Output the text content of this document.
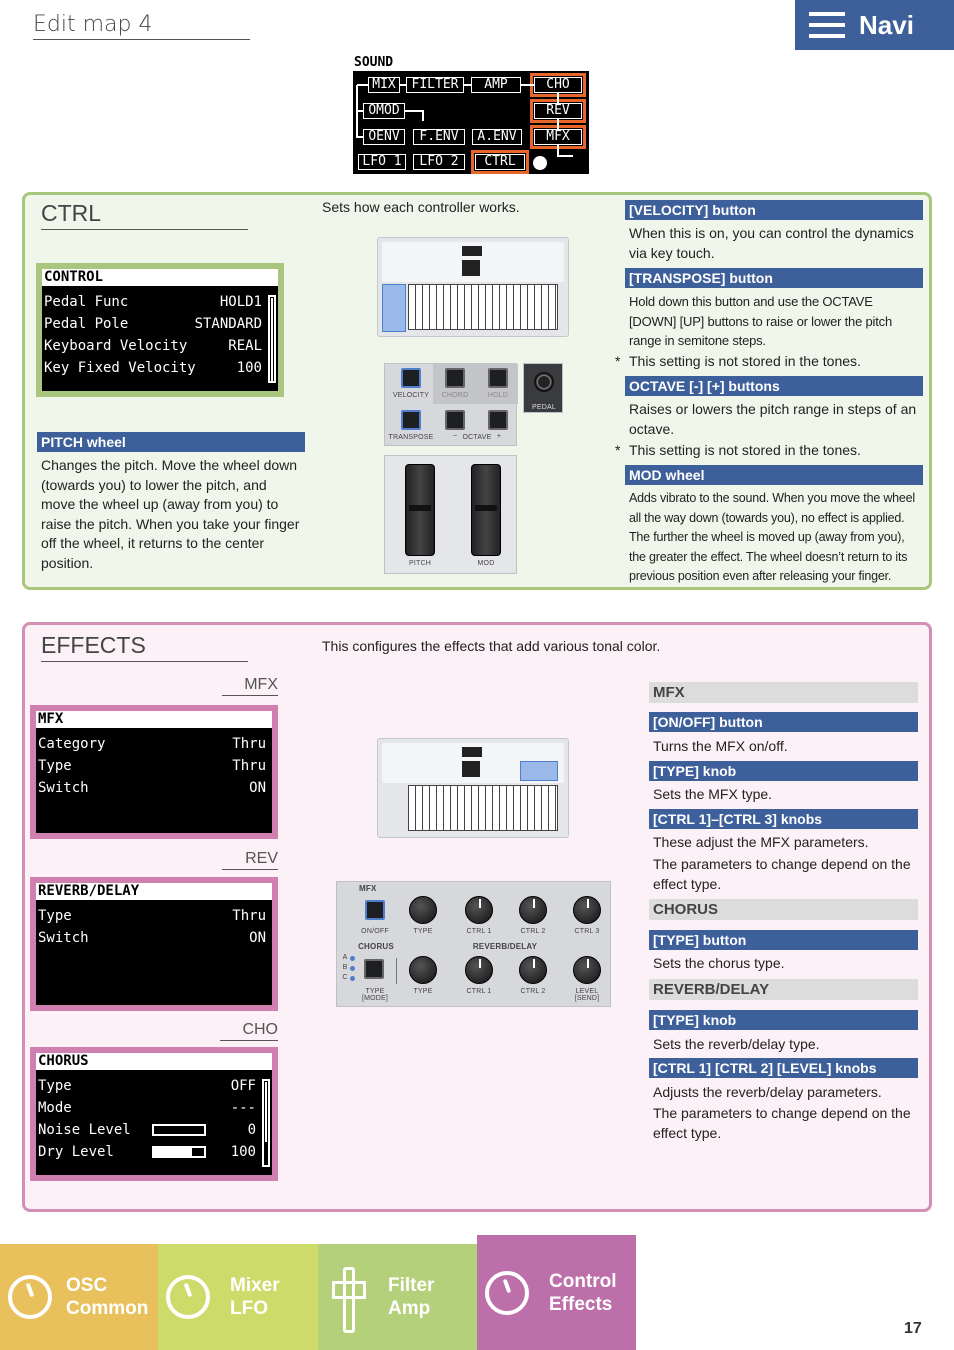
Edit map 4	Navi
SOUND
MIX	FILTER	AMP	CHO
OMOD	REV
OENV	F.ENV	A.ENV	MFX
LFO 1	LFO 2	CTRL
CTRL	Sets how each controller works.
CONTROL
Pedal Func	HOLD1
Pedal Pole	STANDARD
Keyboard Velocity	REAL
Key Fixed Velocity	100
PITCH wheel
Changes the pitch. Move the wheel down (towards you) to lower the pitch, and move the wheel up (away from you) to raise the pitch. When you take your finger off the wheel, it returns to the center position.
VELOCITY	CHORD	HOLD
TRANSPOSE	− OCTAVE +
PEDAL
PITCH	MOD
[VELOCITY] button
When this is on, you can control the dynamics via key touch.
[TRANSPOSE] button
Hold down this button and use the OCTAVE [DOWN] [UP] buttons to raise or lower the pitch range in semitone steps.
* This setting is not stored in the tones.
OCTAVE [-] [+] buttons
Raises or lowers the pitch range in steps of an octave.
* This setting is not stored in the tones.
MOD wheel
Adds vibrato to the sound. When you move the wheel all the way down (towards you), no effect is applied. The further the wheel is moved up (away from you), the greater the effect. The wheel doesn’t return to its previous position even after releasing your finger.
EFFECTS	This configures the effects that add various tonal color.
MFX
MFX
Category	Thru
Type	Thru
Switch	ON
REV
REVERB/DELAY
Type	Thru
Switch	ON
CHO
CHORUS
Type	OFF
Mode	---
Noise Level	0
Dry Level	100
MFX
ON/OFF	TYPE	CTRL 1	CTRL 2	CTRL 3
CHORUS	REVERB/DELAY
A
B
C
TYPE [MODE]
TYPE	CTRL 1	CTRL 2	LEVEL [SEND]
MFX
[ON/OFF] button
Turns the MFX on/off.
[TYPE] knob
Sets the MFX type.
[CTRL 1]–[CTRL 3] knobs
These adjust the MFX parameters.
The parameters to change depend on the effect type.
CHORUS
[TYPE] button
Sets the chorus type.
REVERB/DELAY
[TYPE] knob
Sets the reverb/delay type.
[CTRL 1] [CTRL 2] [LEVEL] knobs
Adjusts the reverb/delay parameters.
The parameters to change depend on the effect type.
OSC
Common
Mixer
LFO
Filter
Amp
Control
Effects
17
